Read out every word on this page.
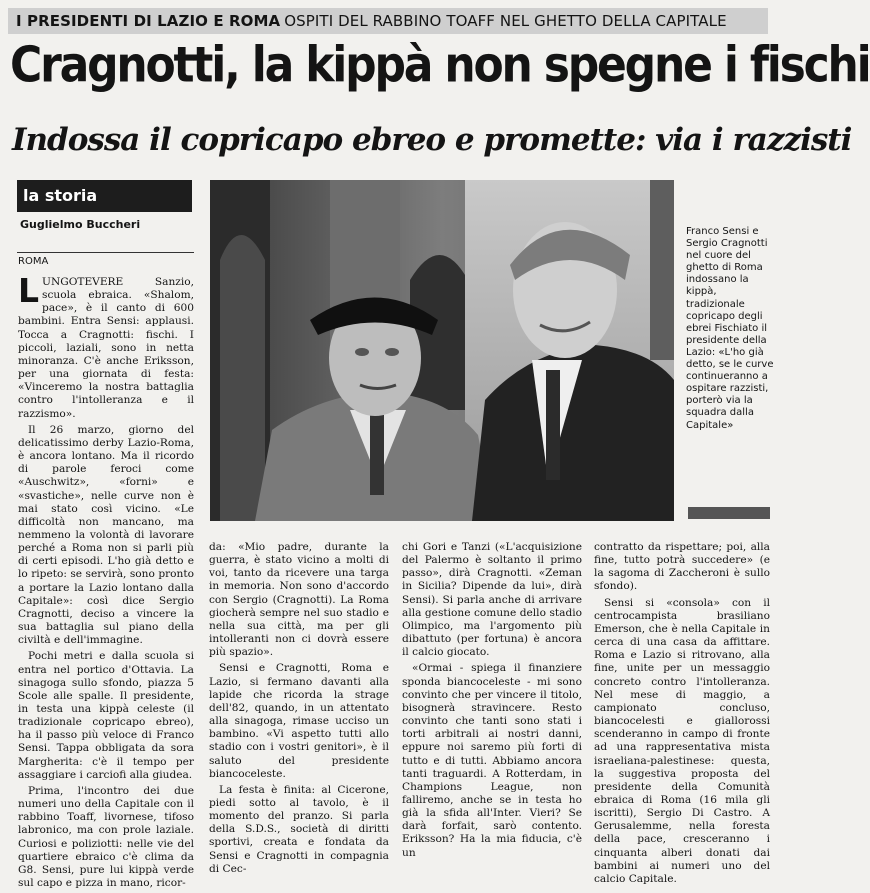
I PRESIDENTI DI LAZIO E ROMA OSPITI DEL RABBINO TOAFF NEL GHETTO DELLA CAPITALE
Cragnotti, la kippà non spegne i fischi
Indossa il copricapo ebreo e promette: via i razzisti
la storia
Guglielmo Buccheri
ROMA

LUNGOTEVERE Sanzio, scuola ebraica. «Shalom, pace», è il canto di 600 bambini. Entra Sensi: applausi. Tocca a Cragnotti: fischi. I piccoli, laziali, sono in netta minoranza. C'è anche Eriksson, per una giornata di festa: «Vinceremo la nostra battaglia contro l'intolleranza e il razzismo».

Il 26 marzo, giorno del delicatissimo derby Lazio-Roma, è ancora lontano. Ma il ricordo di parole feroci come «Auschwitz», «forni» e «svastiche», nelle curve non è mai stato così vicino. «Le difficoltà non mancano, ma nemmeno la volontà di lavorare perché a Roma non si parli più di certi episodi. L'ho già detto e lo ripeto: se servirà, sono pronto a portare la Lazio lontano dalla Capitale»: così dice Sergio Cragnotti, deciso a vincere la sua battaglia sul piano della civiltà e dell'immagine.

Pochi metri e dalla scuola si entra nel portico d'Ottavia. La sinagoga sullo sfondo, piazza 5 Scole alle spalle. Il presidente, in testa una kippà celeste (il tradizionale copricapo ebreo), ha il passo più veloce di Franco Sensi. Tappa obbligata da sora Margherita: c'è il tempo per assaggiare i carciofi alla giudea.

Prima, l'incontro dei due numeri uno della Capitale con il rabbino Toaff, livornese, tifoso labronico, ma con prole laziale. Curiosi e poliziotti: nelle vie del quartiere ebraico c'è clima da G8. Sensi, pure lui kippà verde sul capo e pizza in mano, ricor-

Franco Sensi e Sergio Cragnotti nel cuore del ghetto di Roma indossano la kippà, tradizionale copricapo degli ebrei Fischiato il presidente della Lazio: «L'ho già detto, se le curve continueranno a ospitare razzisti, porterò via la squadra dalla Capitale»

da: «Mio padre, durante la guerra, è stato vicino a molti di voi, tanto da ricevere una targa in memoria. Non sono d'accordo con Sergio (Cragnotti). La Roma giocherà sempre nel suo stadio e nella sua città, ma per gli intolleranti non ci dovrà essere più spazio».

Sensi e Cragnotti, Roma e Lazio, si fermano davanti alla lapide che ricorda la strage dell'82, quando, in un attentato alla sinagoga, rimase ucciso un bambino. «Vi aspetto tutti allo stadio con i vostri genitori», è il saluto del presidente biancoceleste.

La festa è finita: al Cicerone, piedi sotto al tavolo, è il momento del pranzo. Si parla della S.D.S., società di diritti sportivi, creata e fondata da Sensi e Cragnotti in compagnia di Cec-

chi Gori e Tanzi («L'acquisizione del Palermo è soltanto il primo passo», dirà Cragnotti. «Zeman in Sicilia? Dipende da lui», dirà Sensi). Si parla anche di arrivare alla gestione comune dello stadio Olimpico, ma l'argomento più dibattuto (per fortuna) è ancora il calcio giocato.

«Ormai - spiega il finanziere sponda biancoceleste - mi sono convinto che per vincere il titolo, bisognerà stravincere. Resto convinto che tanti sono stati i torti arbitrali ai nostri danni, eppure noi saremo più forti di tutto e di tutti. Abbiamo ancora tanti traguardi. A Rotterdam, in Champions League, non falliremo, anche se in testa ho già la sfida all'Inter. Vieri? Se darà forfait, sarò contento. Eriksson? Ha la mia fiducia, c'è un

contratto da rispettare; poi, alla fine, tutto potrà succedere» (e la sagoma di Zaccheroni è sullo sfondo).

Sensi si «consola» con il centrocampista brasiliano Emerson, che è nella Capitale in cerca di una casa da affittare. Roma e Lazio si ritrovano, alla fine, unite per un messaggio concreto contro l'intolleranza. Nel mese di maggio, a campionato concluso, biancocelesti e giallorossi scenderanno in campo di fronte ad una rappresentativa mista israeliana-palestinese: questa, la suggestiva proposta del presidente della Comunità ebraica di Roma (16 mila gli iscritti), Sergio Di Castro. A Gerusalemme, nella foresta della pace, cresceranno i cinquanta alberi donati dai bambini ai numeri uno del calcio Capitale.
